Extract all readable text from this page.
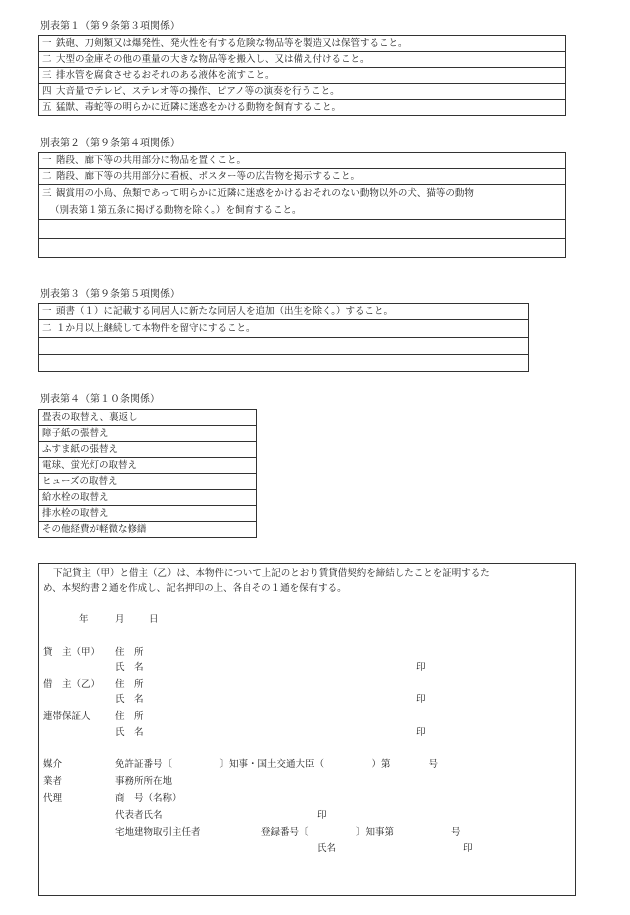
別表第１（第９条第３項関係）
一 鉄砲、刀剣類又は爆発性、発火性を有する危険な物品等を製造又は保管すること。
二 大型の金庫その他の重量の大きな物品等を搬入し、又は備え付けること。
三 排水管を腐食させるおそれのある液体を流すこと。
四 大音量でテレビ、ステレオ等の操作、ピアノ等の演奏を行うこと。
五 猛獣、毒蛇等の明らかに近隣に迷惑をかける動物を飼育すること。
別表第２（第９条第４項関係）
一 階段、廊下等の共用部分に物品を置くこと。
二 階段、廊下等の共用部分に看板、ポスター等の広告物を掲示すること。
三 観賞用の小鳥、魚類であって明らかに近隣に迷惑をかけるおそれのない動物以外の犬、猫等の動物
（別表第１第五条に掲げる動物を除く。）を飼育すること。

別表第３（第９条第５項関係）
一 頭書（１）に記載する同居人に新たな同居人を追加（出生を除く。）すること。
二 １か月以上継続して本物件を留守にすること。

別表第４（第１０条関係）
畳表の取替え、裏返し
障子紙の張替え
ふすま紙の張替え
電球、蛍光灯の取替え
ヒューズの取替え
給水栓の取替え
排水栓の取替え
その他経費が軽微な修繕
下記貸主（甲）と借主（乙）は、本物件について上記のとおり賃貸借契約を締結したことを証明するた
め、本契約書２通を作成し、記名押印の上、各自その１通を保有する。
年	月	日
貸　主（甲） 住　所
氏　名	印
借　主（乙） 住　所
氏　名	印
連帯保証人	住　所
氏　名	印
媒介
業者
代理
免許証番号〔　　　　　〕知事・国土交通大臣（　　　　　）第　　　　号
事務所所在地
商　号（名称）
代表者氏名	印
宅地建物取引主任者	登録番号〔　　　　　〕知事第　　　　　　号
氏名	印
